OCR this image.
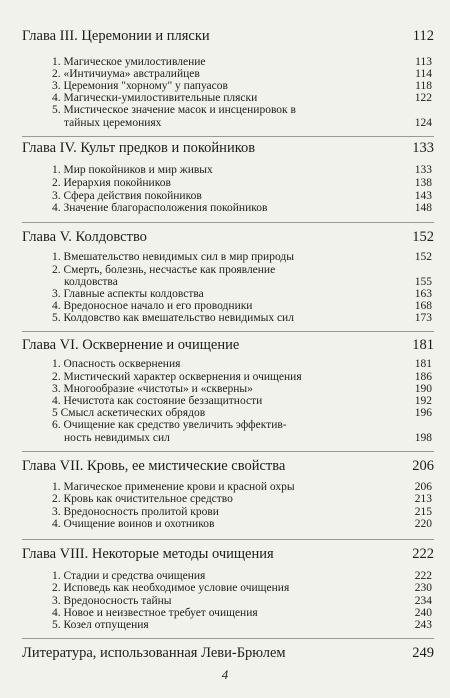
Глава III. Церемонии и пляски	112
1. Магическое умилостивление	113
2. «Интичиума» австралийцев	114
3. Церемония "хорному" у папуасов	118
4. Магически-умилостивительные пляски	122
5. Мистическое значение масок и инсценировок в
тайных церемониях	124
Глава IV. Культ предков и покойников	133
1. Мир покойников и мир живых	133
2. Иерархия покойников	138
3. Сфера действия покойников	143
4. Значение благорасположения покойников	148
Глава V. Колдовство	152
1. Вмешательство невидимых сил в мир природы	152
2. Смерть, болезнь, несчастье как проявление
колдовства	155
3. Главные аспекты колдовства	163
4. Вредоносное начало и его проводники	168
5. Колдовство как вмешательство невидимых сил	173
Глава VI. Осквернение и очищение	181
1. Опасность осквернения	181
2. Мистический характер осквернения и очищения	186
3. Многообразие «чистоты» и «скверны»	190
4. Нечистота как состояние беззащитности	192
5 Смысл аскетических обрядов	196
6. Очищение как средство увеличить эффектив-
ность невидимых сил	198
Глава VII. Кровь, ее мистические свойства	206
1. Магическое применение крови и красной охры	206
2. Кровь как очистительное средство	213
3. Вредоносность пролитой крови	215
4. Очищение воинов и охотников	220
Глава VIII. Некоторые методы очищения	222
1. Стадии и средства очищения	222
2. Исповедь как необходимое условие очищения	230
3. Вредоносность тайны	234
4. Новое и неизвестное требует очищения	240
5. Козел отпущения	243
Литература, использованная Леви-Брюлем	249
4
